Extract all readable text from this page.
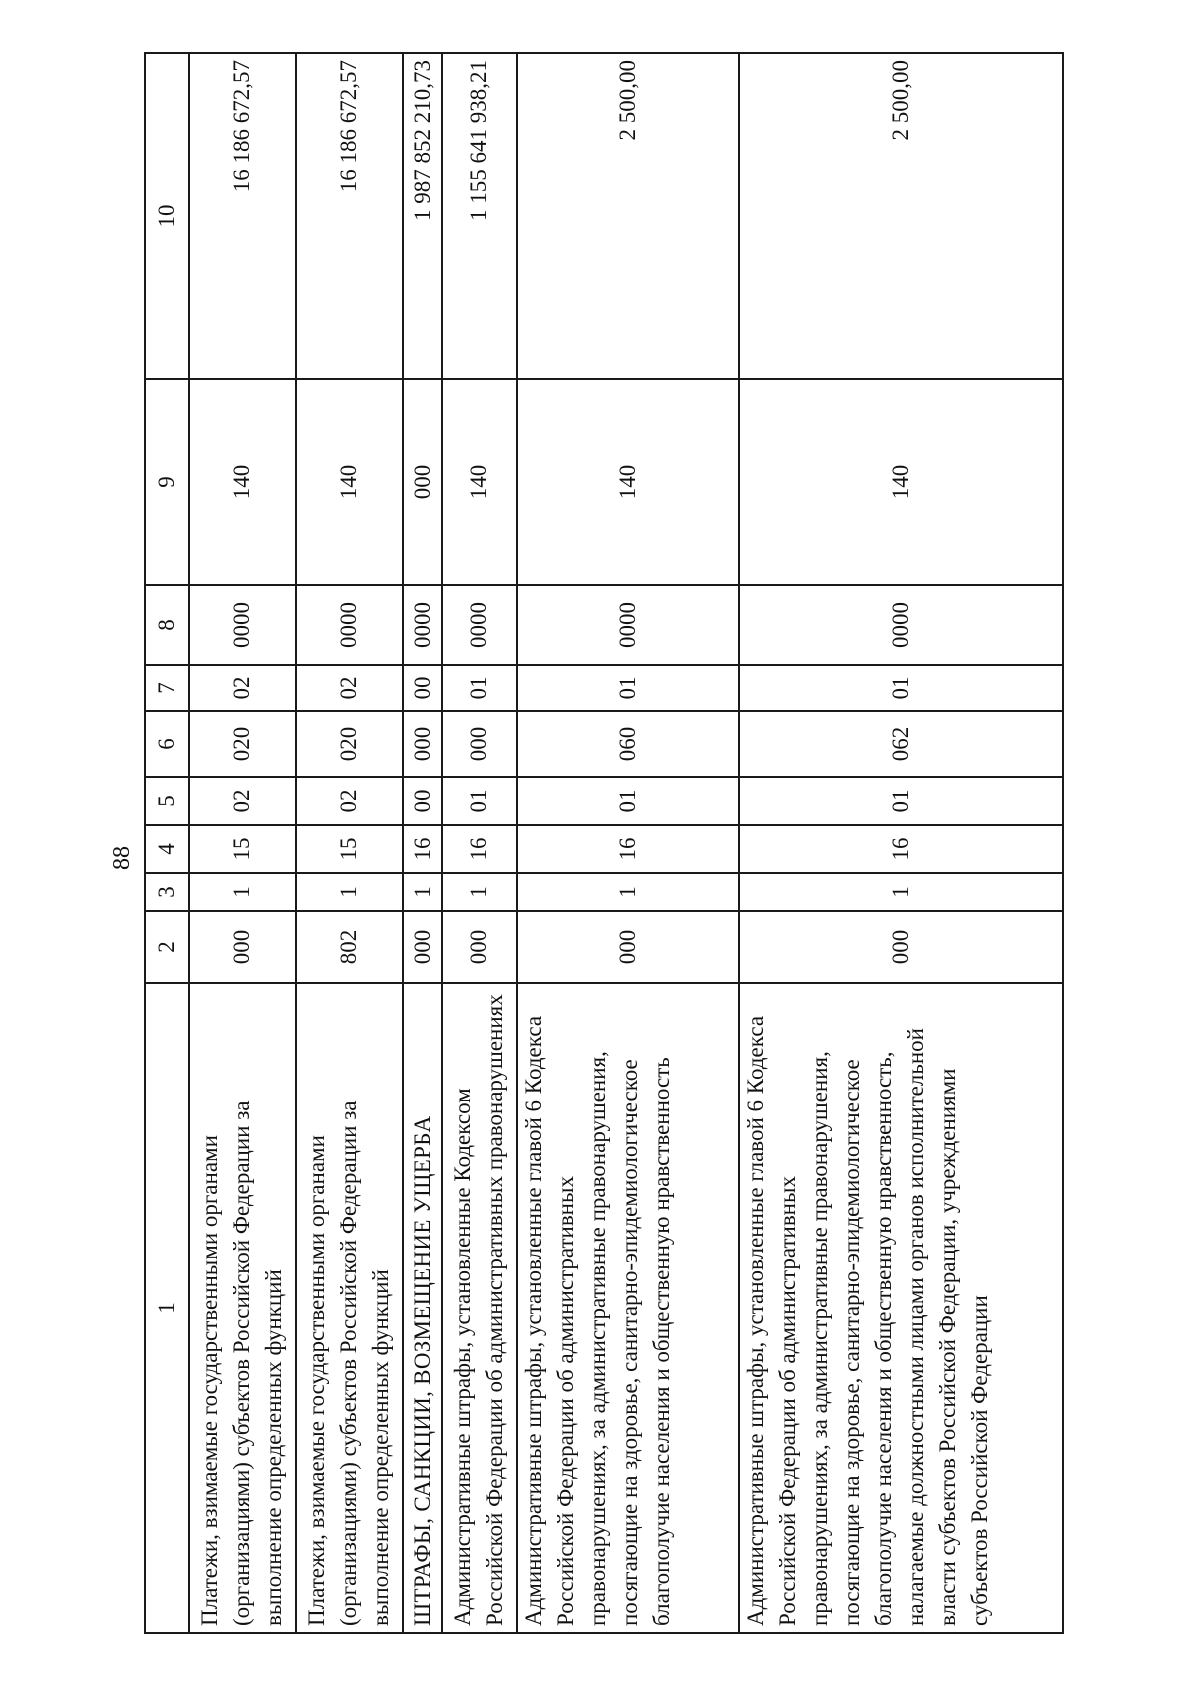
88
1	2	3	4	5	6	7	8	9	10
Платежи, взимаемые государственными органами (организациями) субъектов Российской Федерации за выполнение определенных функций	000	1	15	02	020	02	0000	140	16 186 672,57
Платежи, взимаемые государственными органами (организациями) субъектов Российской Федерации за выполнение определенных функций	802	1	15	02	020	02	0000	140	16 186 672,57
ШТРАФЫ, САНКЦИИ, ВОЗМЕЩЕНИЕ УЩЕРБА	000	1	16	00	000	00	0000	000	1 987 852 210,73
Административные штрафы, установленные Кодексом Российской Федерации об административных правонарушениях	000	1	16	01	000	01	0000	140	1 155 641 938,21
Административные штрафы, установленные главой 6 Кодекса Российской Федерации об административных правонарушениях, за административные правонарушения, посягающие на здоровье, санитарно-эпидемиологическое благополучие населения и общественную нравственность	000	1	16	01	060	01	0000	140	2 500,00
Административные штрафы, установленные главой 6 Кодекса Российской Федерации об административных правонарушениях, за административные правонарушения, посягающие на здоровье, санитарно-эпидемиологическое благополучие населения и общественную нравственность, налагаемые должностными лицами органов исполнительной власти субъектов Российской Федерации, учреждениями субъектов Российской Федерации	000	1	16	01	062	01	0000	140	2 500,00
